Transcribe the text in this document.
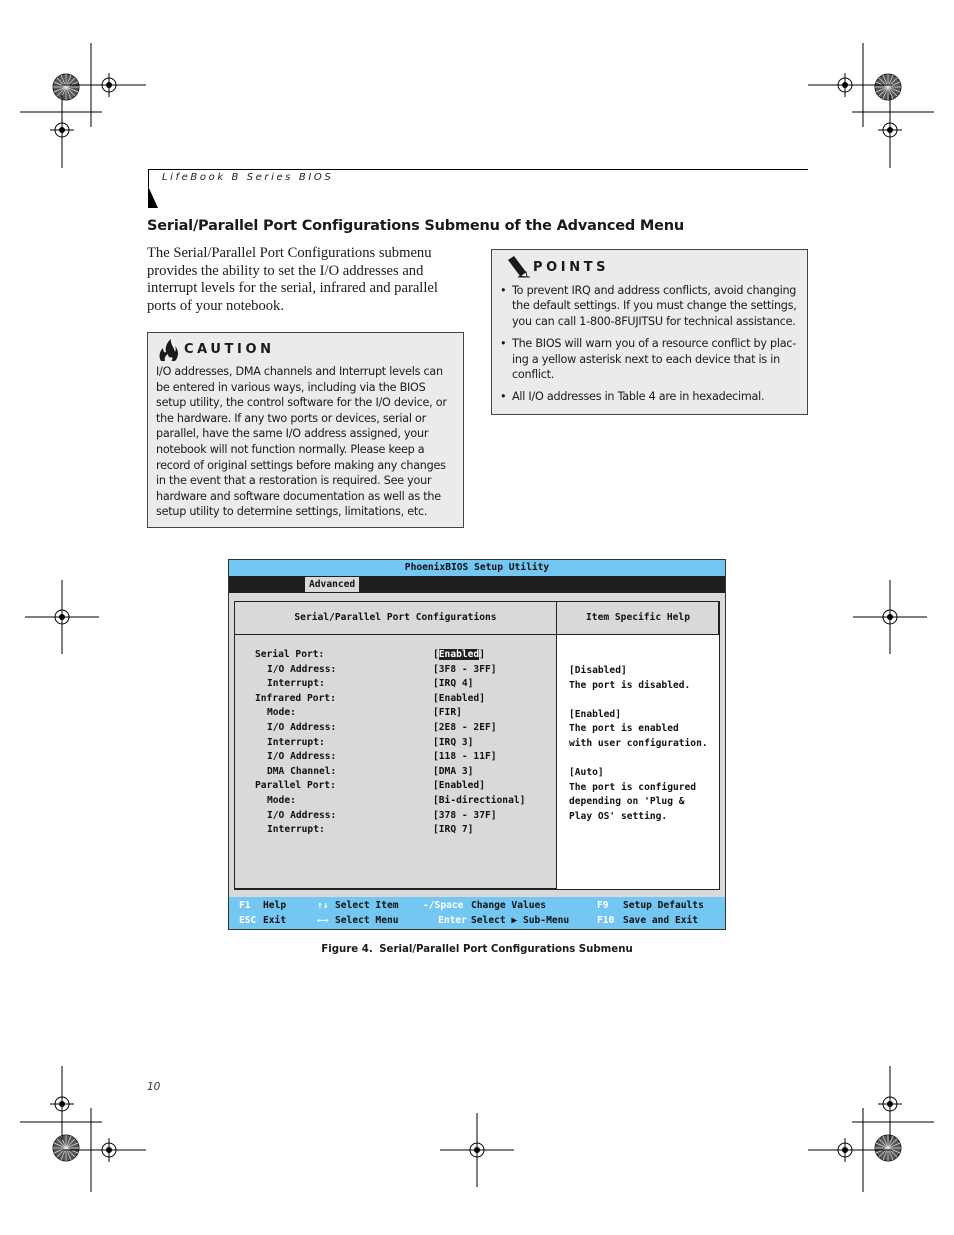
LifeBook B Series BIOS
Serial/Parallel Port Configurations Submenu of the Advanced Menu
The Serial/Parallel Port Configurations submenu provides the ability to set the I/O addresses and interrupt levels for the serial, infrared and parallel ports of your notebook.
CAUTION
I/O addresses, DMA channels and Interrupt levels can be entered in various ways, including via the BIOS setup utility, the control software for the I/O device, or the hardware. If any two ports or devices, serial or parallel, have the same I/O address assigned, your notebook will not function normally. Please keep a record of original settings before making any changes in the event that a restoration is required. See your hardware and software documentation as well as the setup utility to determine settings, limitations, etc.
POINTS
• To prevent IRQ and address conflicts, avoid changing the default settings. If you must change the settings, you can call 1-800-8FUJITSU for technical assistance.
• The BIOS will warn you of a resource conflict by plac-ing a yellow asterisk next to each device that is in conflict.
• All I/O addresses in Table 4 are in hexadecimal.
PhoenixBIOS Setup Utility
Advanced
Serial/Parallel Port Configurations	Item Specific Help
Serial Port:	[Enabled]
I/O Address:	[3F8 - 3FF]
Interrupt:	[IRQ 4]
Infrared Port:	[Enabled]
Mode:	[FIR]
I/O Address:	[2E8 - 2EF]
Interrupt:	[IRQ 3]
I/O Address:	[118 - 11F]
DMA Channel:	[DMA 3]
Parallel Port:	[Enabled]
Mode:	[Bi-directional]
I/O Address:	[378 - 37F]
Interrupt:	[IRQ 7]
[Disabled]
The port is disabled.
[Enabled]
The port is enabled
with user configuration.
[Auto]
The port is configured
depending on 'Plug &
Play OS' setting.
F1 Help	↑↓ Select Item	-/Space Change Values	F9 Setup Defaults
ESC Exit	←→ Select Menu	Enter Select ▶ Sub-Menu	F10 Save and Exit
Figure 4. Serial/Parallel Port Configurations Submenu
10
